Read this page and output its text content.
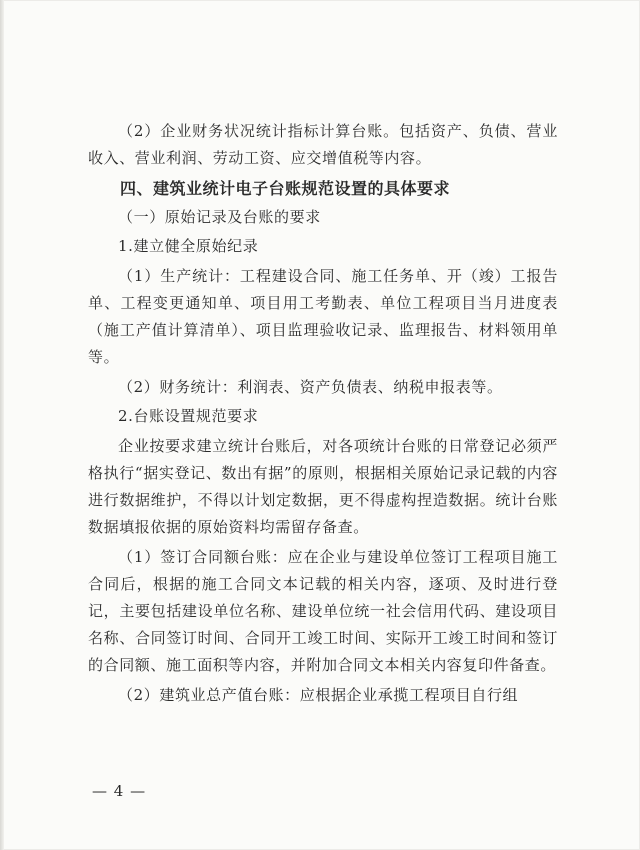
（2）企业财务状况统计指标计算台账。包括资产、负债、营业收入、营业利润、劳动工资、应交增值税等内容。

四、建筑业统计电子台账规范设置的具体要求

（一）原始记录及台账的要求

1.建立健全原始纪录

（1）生产统计：工程建设合同、施工任务单、开（竣）工报告单、工程变更通知单、项目用工考勤表、单位工程项目当月进度表（施工产值计算清单）、项目监理验收记录、监理报告、材料领用单等。

（2）财务统计：利润表、资产负债表、纳税申报表等。

2.台账设置规范要求

企业按要求建立统计台账后，对各项统计台账的日常登记必须严格执行“据实登记、数出有据”的原则，根据相关原始记录记载的内容进行数据维护，不得以计划定数据，更不得虚构捏造数据。统计台账数据填报依据的原始资料均需留存备查。

（1）签订合同额台账：应在企业与建设单位签订工程项目施工合同后，根据的施工合同文本记载的相关内容，逐项、及时进行登记，主要包括建设单位名称、建设单位统一社会信用代码、建设项目名称、合同签订时间、合同开工竣工时间、实际开工竣工时间和签订的合同额、施工面积等内容，并附加合同文本相关内容复印件备查。

（2）建筑业总产值台账：应根据企业承揽工程项目自行组

— 4 —
